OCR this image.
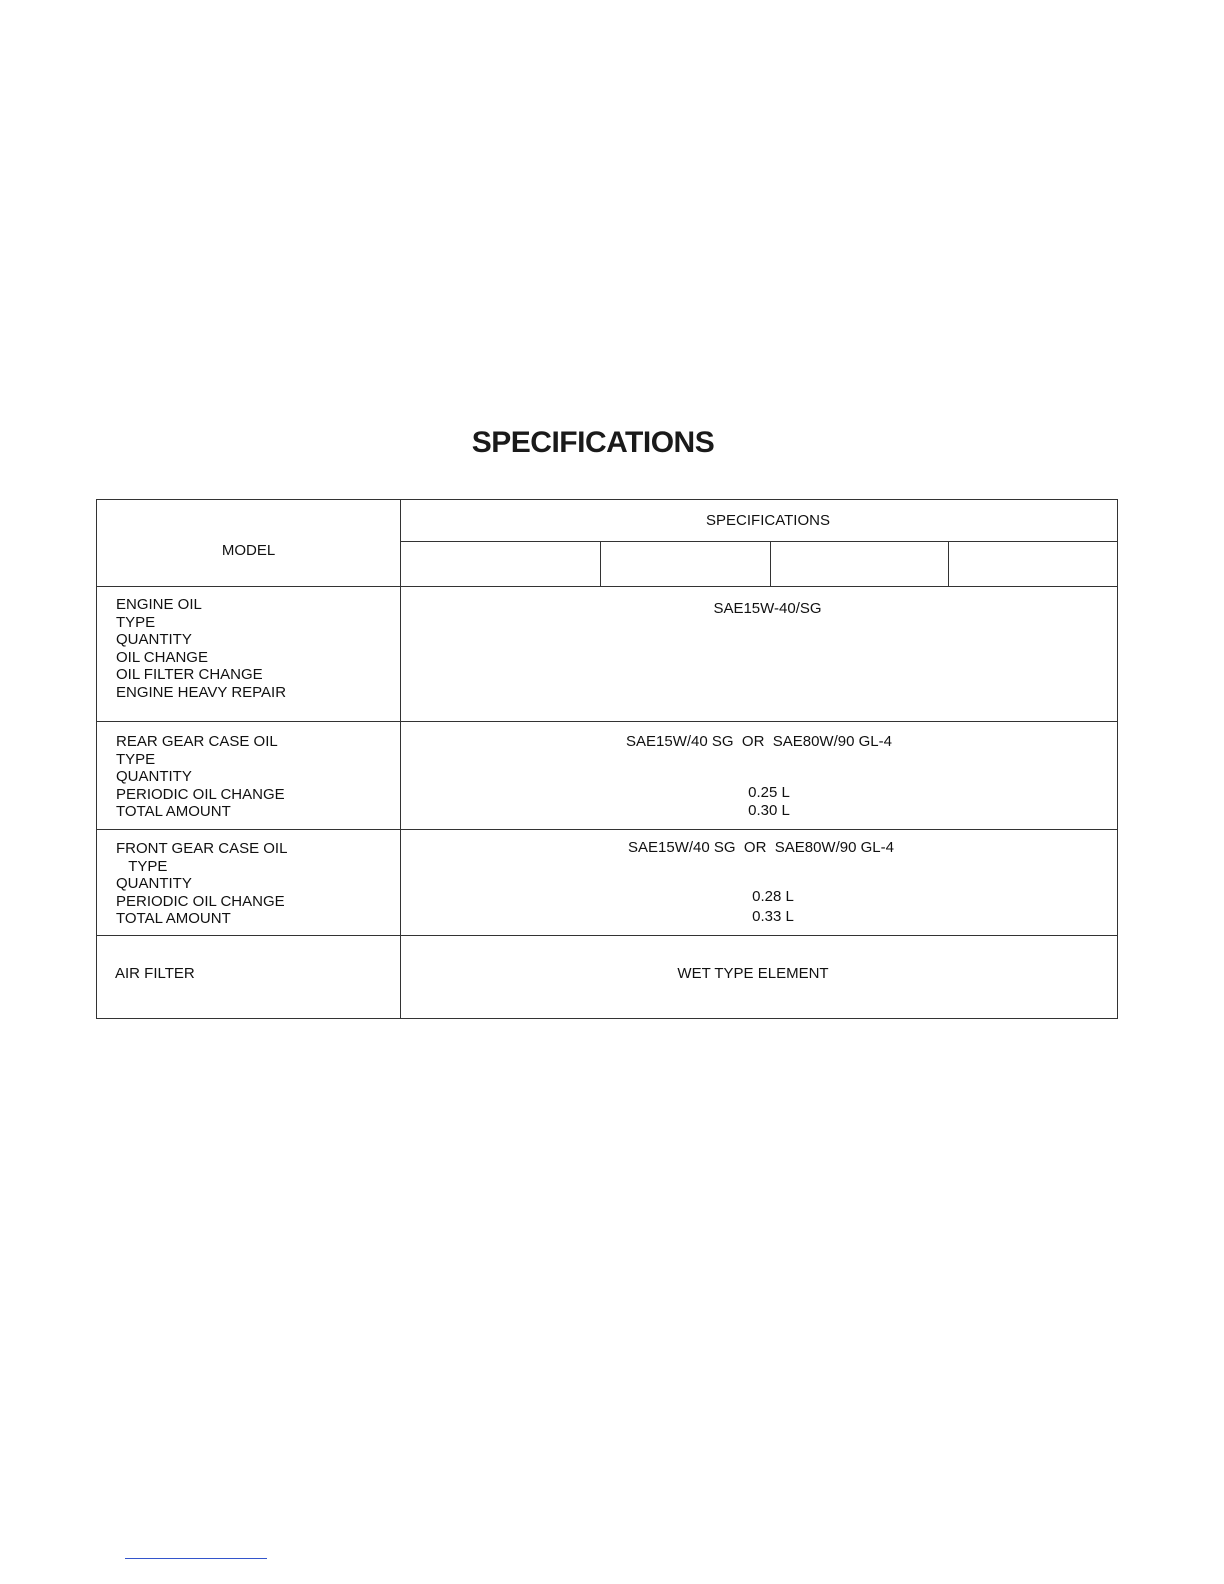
SPECIFICATIONS
MODEL
SPECIFICATIONS
ENGINE OIL
TYPE
QUANTITY
OIL CHANGE
OIL FILTER CHANGE
ENGINE HEAVY REPAIR
SAE15W-40/SG
REAR GEAR CASE OIL
TYPE
QUANTITY
PERIODIC OIL CHANGE
TOTAL AMOUNT
SAE15W/40 SG  OR  SAE80W/90 GL-4
0.25 L
0.30 L
FRONT GEAR CASE OIL
TYPE
QUANTITY
PERIODIC OIL CHANGE
TOTAL AMOUNT
SAE15W/40 SG  OR  SAE80W/90 GL-4
0.28 L
0.33 L
AIR FILTER	WET TYPE ELEMENT
